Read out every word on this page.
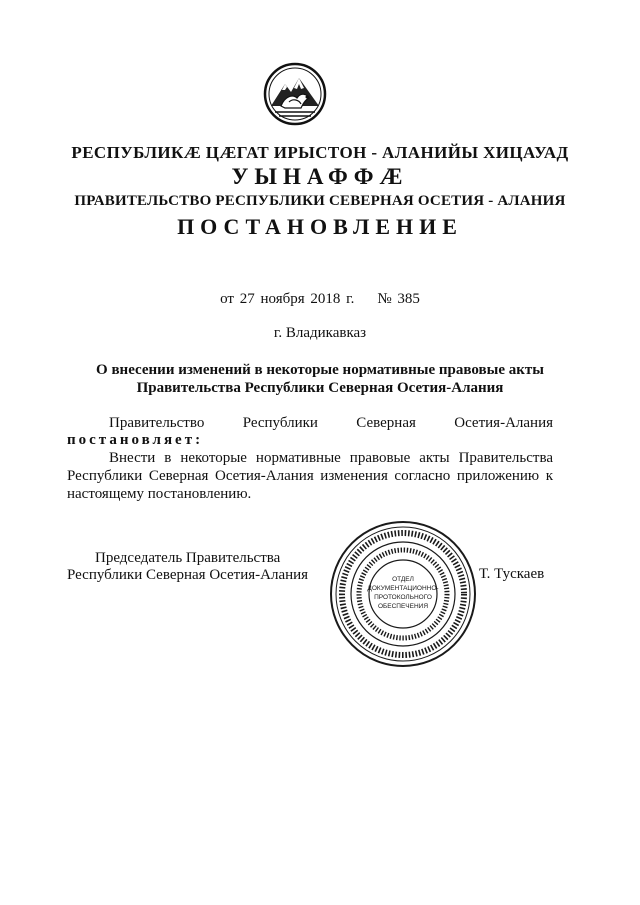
РЕСПУБЛИКÆ ЦÆГАТ ИРЫСТОН - АЛАНИЙЫ ХИЦАУАД
УЫНАФФÆ
ПРАВИТЕЛЬСТВО РЕСПУБЛИКИ СЕВЕРНАЯ ОСЕТИЯ - АЛАНИЯ
ПОСТАНОВЛЕНИЕ
от 27 ноября 2018 г.    № 385
г. Владикавказ
О внесении изменений в некоторые нормативные правовые акты
Правительства Республики Северная Осетия-Алания
Правительство Республики Северная Осетия-Алания
постановляет:
Внести в некоторые нормативные правовые акты Правительства Республики Северная Осетия-Алания изменения согласно приложению к настоящему постановлению.
Председатель Правительства
Республики Северная Осетия-Алания	ОТДЕЛ
ДОКУМЕНТАЦИОННО-
ПРОТОКОЛЬНОГО
ОБЕСПЕЧЕНИЯ
Т. Тускаев
